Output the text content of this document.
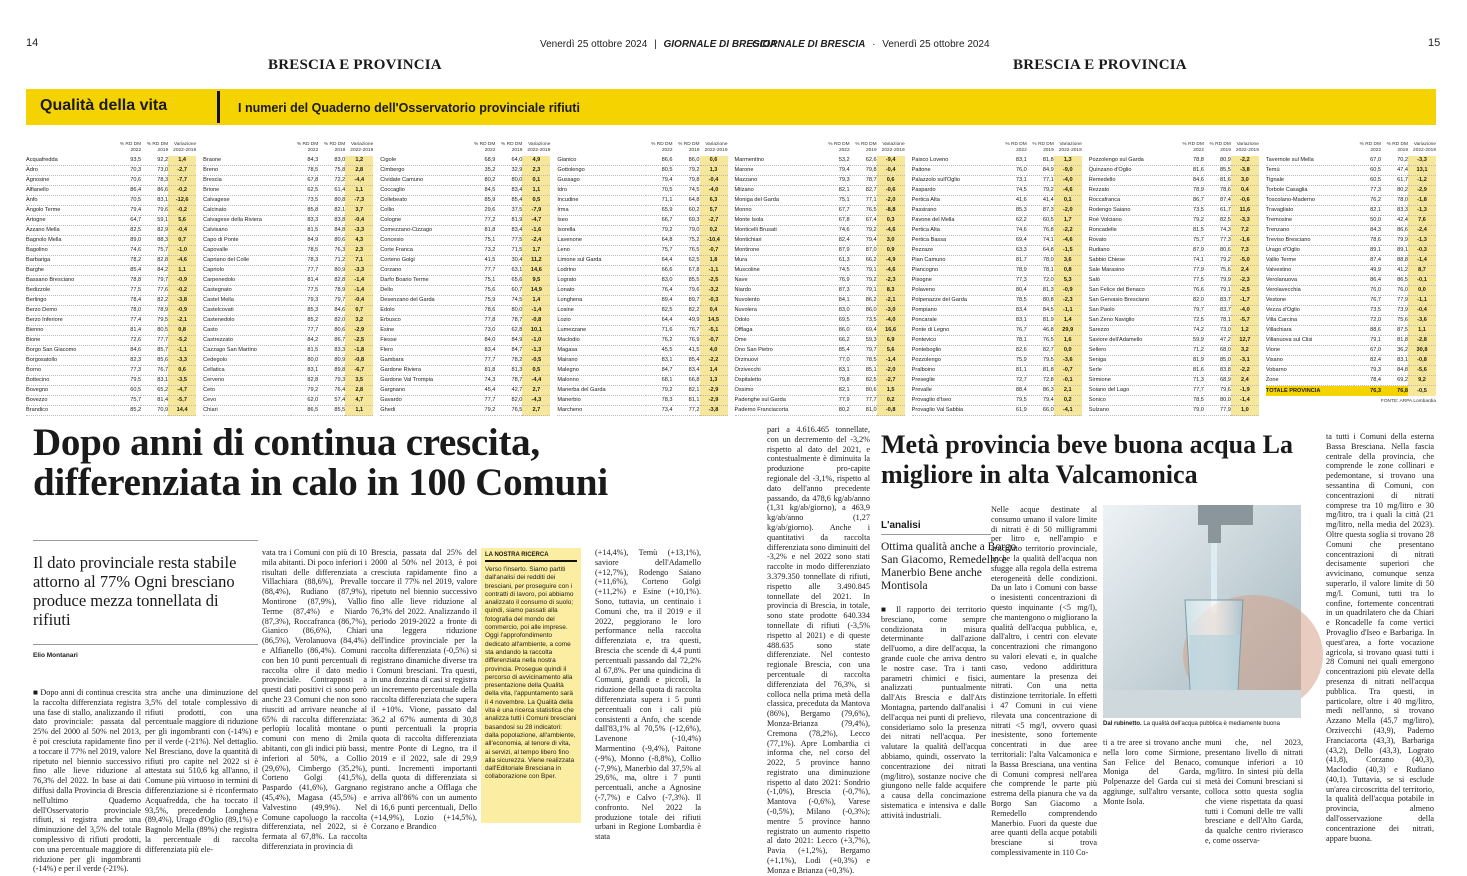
14	Venerdì 25 ottobre 2024 | GIORNALE DI BRESCIA
GIORNALE DI BRESCIA · Venerdì 25 ottobre 2024	15
BRESCIA E PROVINCIA	BRESCIA E PROVINCIA
Qualità della vita	I numeri del Quaderno dell'Osservatorio provinciale rifiuti
	% RD DM 2022	% RD DM 2019	Variazione 2022-2019
Acquafredda	93,5	92,2	1,4
Adro	70,3	73,0	-2,7
Agnosine	70,6	78,3	-7,7
Alfianello	86,4	86,6	-0,2
Anfo	70,5	83,1	-12,6
Angolo Terme	79,4	79,6	-0,2
Artogne	64,7	59,1	5,6
Azzano Mella	82,5	82,9	-0,4
Bagnolo Mella	89,0	88,3	0,7
Bagolino	74,6	75,7	-1,0
Barbariga	78,2	82,8	-4,6
Barghe	85,4	84,2	1,1
Bassano Bresciano	78,8	79,7	-0,9
Bedizzole	77,5	77,6	-0,2
Berlingo	78,4	82,2	-3,8
Berzo Demo	78,0	78,9	-0,9
Berzo Inferiore	77,4	79,5	-2,1
Bienno	81,4	80,5	0,8
Bione	72,6	77,7	-5,2
Borgo San Giacomo	84,6	85,7	-1,1
Borgosatollo	82,3	85,6	-3,3
Borno	77,3	76,7	0,6
Bottecino	79,5	83,1	-3,5
Bovegno	60,5	65,2	-4,7
Bovezzo	75,7	81,4	-5,7
Brandico	85,2	70,9	14,4
	% RD DM 2022	% RD DM 2019	Variazione 2022-2019
Braone	84,3	83,0	1,2
Breno	78,5	75,8	2,8
Brescia	67,8	72,2	-4,4
Brione	62,5	61,4	1,1
Calvagese	73,5	80,8	-7,3
Calcinato	85,8	82,1	3,7
Calvagese della Riviera	83,3	83,8	-0,4
Calvisano	81,5	84,8	-3,3
Capo di Ponte	84,9	80,6	4,3
Capovalle	78,5	76,3	2,3
Capriano del Colle	78,3	71,2	7,1
Capriolo	77,7	80,9	-3,3
Carpenedolo	81,4	82,8	-1,4
Castegnato	77,5	78,9	-1,4
Castel Mella	79,3	79,7	-0,4
Castelcovati	85,3	84,6	0,7
Castenedolo	85,2	82,0	3,2
Casto	77,7	80,6	-2,9
Castrezzato	84,2	86,7	-2,5
Cazzago San Martino	81,5	83,3	-1,8
Cedegolo	80,0	80,9	-0,8
Cellatica	83,1	89,8	-6,7
Cerveno	82,8	79,3	3,5
Ceto	79,2	76,4	2,8
Cevo	62,0	57,4	4,7
Chiari	86,5	85,5	1,1
	% RD DM 2022	% RD DM 2019	Variazione 2022-2019
Cigole	68,9	64,0	4,9
Cimbergo	35,2	32,9	2,3
Cividate Camuno	80,2	80,0	0,1
Coccaglio	84,5	83,4	1,1
Collebeato	85,9	85,4	0,5
Collio	29,6	37,5	-7,9
Cologne	77,2	81,9	-4,7
Comezzano-Cizzago	81,8	83,4	-1,6
Concesio	75,1	77,5	-2,4
Corte Franca	73,2	71,5	1,7
Corteno Golgi	41,5	30,4	11,2
Corzano	77,7	63,1	14,6
Darfo Boario Terme	75,1	65,6	9,5
Dello	75,6	60,7	14,9
Desenzano del Garda	75,9	74,5	1,4
Edolo	78,6	80,0	-1,4
Erbusco	77,8	78,7	-0,8
Esine	73,0	62,8	10,1
Fiesse	84,0	84,9	-1,0
Flero	83,4	84,7	-1,3
Gambara	77,7	78,2	-0,5
Gardone Riviera	81,8	81,3	0,5
Gardone Val Trompia	74,3	78,7	-4,4
Gargnano	45,4	42,7	2,7
Gavardo	77,7	82,0	-4,3
Ghedi	79,2	76,5	2,7
	% RD DM 2022	% RD DM 2019	Variazione 2022-2019
Gianico	86,6	86,0	0,6
Gottolengo	80,5	79,2	1,3
Gussago	79,4	79,8	-0,4
Idro	70,5	74,5	-4,0
Incudine	71,1	64,8	6,3
Irma	65,9	60,2	5,7
Iseo	66,7	69,3	-2,7
Isorella	79,2	79,0	0,2
Lavenone	64,8	75,2	-10,4
Leno	75,7	76,5	-0,7
Limone sul Garda	64,4	62,5	1,8
Lodrino	66,6	67,8	-1,1
Lograto	83,0	85,5	-2,5
Lonato	76,4	79,6	-3,2
Longhena	89,4	89,7	-0,3
Losine	82,5	82,2	0,4
Lozio	64,4	49,9	14,5
Lumezzane	71,6	76,7	-5,1
Maclodio	76,2	76,9	-0,7
Magasa	45,5	41,5	4,0
Mairano	83,1	85,4	-2,2
Malegno	84,7	83,4	1,4
Malonno	68,1	66,8	1,3
Manerba del Garda	79,2	82,1	-2,9
Manerbio	78,3	81,1	-2,9
Marcheno	73,4	77,2	-3,8
	% RD DM 2022	% RD DM 2019	Variazione 2022-2019
Marmentino	53,2	62,6	-9,4
Marone	79,4	79,8	-0,4
Mazzano	79,3	78,7	0,6
Milzano	82,1	82,7	-0,6
Moniga del Garda	75,1	77,1	-2,0
Monno	67,7	76,5	-8,8
Monte Isola	67,8	67,4	0,3
Monticelli Brusati	74,6	79,2	-4,6
Montichiari	82,4	79,4	3,0
Montirone	87,9	87,0	0,9
Mura	61,3	66,2	-4,9
Muscoline	74,5	79,1	-4,6
Nave	76,9	79,2	-2,3
Niardo	87,3	79,1	8,3
Nuvolento	84,1	86,2	-2,1
Nuvolera	83,0	86,0	-3,0
Odolo	69,5	73,5	-4,0
Offlaga	86,0	69,4	16,6
Ome	66,2	59,3	6,9
Ono San Pietro	85,4	79,7	5,6
Orzinuovi	77,0	78,5	-1,4
Orzivecchi	83,1	85,1	-2,0
Ospitaletto	79,8	82,5	-2,7
Ossimo	82,1	80,6	1,5
Padenghe sul Garda	77,9	77,7	0,2
Paderno Franciacorta	80,2	81,0	-0,8
	% RD DM 2022	% RD DM 2019	Variazione 2022-2019
Paisco Loveno	83,1	81,8	1,3
Paitone	76,0	84,9	-9,0
Palazzolo sull'Oglio	73,1	77,1	-4,0
Paspardo	74,5	79,2	-4,6
Pertica Alta	41,6	41,4	0,1
Passirano	85,3	87,3	-2,0
Pavone del Mella	62,2	60,5	1,7
Pertica Alta	74,6	76,8	-2,2
Pertica Bassa	69,4	74,1	-4,6
Pezzaze	63,3	64,8	-1,5
Pian Camuno	81,7	78,0	3,6
Piancogno	78,9	78,1	0,8
Pisogne	77,3	72,0	5,3
Polaveno	80,4	81,3	-0,9
Polpenazze del Garda	78,5	80,8	-2,3
Pompiano	83,4	84,5	-1,1
Poncarale	83,1	81,9	1,4
Ponte di Legno	76,7	46,8	29,9
Pontevico	78,1	76,5	1,6
Ponteboglio	82,6	82,7	0,0
Pozzolengo	75,9	79,5	-3,6
Pralboino	81,1	81,8	-0,7
Preseglie	72,7	72,8	-0,1
Prevalle	88,4	86,3	2,1
Provaglio d'Iseo	79,5	79,4	0,2
Provaglio Val Sabbia	61,9	66,0	-4,1
	% RD DM 2022	% RD DM 2019	Variazione 2022-2019
Pozzolengo sul Garda	78,8	80,9	-2,2
Quinzano d'Oglio	81,6	85,5	-3,8
Remedello	84,6	81,6	3,0
Rezzato	78,9	78,6	0,4
Roccafranca	86,7	87,4	-0,6
Rodengo Saiano	73,5	61,7	11,6
Roè Volciano	79,2	82,5	-3,3
Roncadelle	81,5	74,3	7,2
Rovato	75,7	77,3	-1,6
Rudiano	87,9	80,6	7,3
Sabbio Chiese	74,1	79,2	-5,0
Sale Marasino	77,9	75,6	2,4
Salò	77,5	79,9	-2,3
San Felice del Benaco	76,6	79,1	-2,5
San Gervasio Bresciano	82,0	83,7	-1,7
San Paolo	79,7	83,7	-4,0
San Zeno Naviglio	72,5	78,1	-5,7
Sarezzo	74,2	73,0	1,2
Saviore dell'Adamello	59,9	47,2	12,7
Sellero	71,2	68,0	3,2
Seniga	81,9	85,0	-3,1
Serle	81,6	83,8	-2,2
Sirmione	71,3	68,9	2,4
Soiano del Lago	77,7	79,6	-1,9
Sonico	78,5	80,0	-1,4
Sulzano	79,0	77,9	1,0
	% RD DM 2022	% RD DM 2019	Variazione 2022-2019
Tavernole sul Mella	67,0	70,2	-3,3
Temù	60,5	47,4	13,1
Tignale	60,5	61,7	-1,2
Torbole Casaglia	77,3	80,2	-2,9
Toscolano-Maderno	76,2	78,0	-1,8
Travagliato	82,1	83,3	-1,3
Tremosine	50,0	42,4	7,6
Trenzano	84,3	86,6	-2,4
Treviso Bresciano	78,6	79,9	-1,3
Urago d'Oglio	89,1	89,1	-0,3
Vallio Terme	87,4	88,8	-1,4
Valvestino	49,9	41,2	8,7
Verolanuova	86,4	86,5	-0,1
Verolavecchia	76,0	76,0	0,0
Vestone	76,7	77,9	-1,1
Vezza d'Oglio	73,5	73,9	-0,4
Villa Carcina	72,0	75,6	-3,6
Villachiara	88,6	87,5	1,1
Villanuova sul Clisi	79,1	81,8	-2,8
Vione	67,0	36,2	30,8
Visano	82,4	83,1	-0,8
Vobarno	79,3	84,8	-5,6
Zone	78,4	69,2	9,2
TOTALE PROVINCIA	76,3	76,8	-0,5
FONTE: ARPA Lombardia
Dopo anni di continua crescita, differenziata in calo in 100 Comuni
Il dato provinciale resta stabile attorno al 77% Ogni bresciano produce mezza tonnellata di rifiuti
Elio Montanari
■ Dopo anni di continua crescita la raccolta differenziata registra una fase di stallo, analizzando il dato provinciale: passata dal 25% del 2000 al 50% nel 2013, è poi cresciuta rapidamente fino a toccare il 77% nel 2019, valore ripetuto nel biennio successivo fino alle lieve riduzione al 76,3% del 2022. In base ai dati diffusi dalla Provincia di Brescia nell'ultimo Quaderno dell'Osservatorio provinciale rifiuti, si registra anche una diminuzione del 3,5% del totale complessivo di rifiuti prodotti, con una percentuale maggiore di riduzione per gli ingombranti (-14%) e per il verde (-21%).
stra anche una diminuzione del 3,5% del totale complessivo di rifiuti prodotti, con una percentuale maggiore di riduzione per gli ingombranti con (-14%) e per il verde (-21%). Nel dettaglio. Nel Bresciano, dove la quantità di rifiuti pro capite nel 2022 si è attestata sui 510,6 kg all'anno, il Comune più virtuoso in termini di differenziazione si è riconfermato Acquafredda, che ha toccato il 93,5%, precedendo Longhena (89,4%), Urago d'Oglio (89,1%) e Bagnolo Mella (89%) che registra la percentuale di raccolta differenziata più ele-
vata tra i Comuni con più di 10 mila abitanti. Di poco inferiori i risultati delle differenziata a Villachiara (88,6%), Prevalle (88,4%), Rudiano (87,9%), Montirone (87,9%), Vallio Terme (87,4%) e Niardo (87,3%), Roccafranca (86,7%), Gianico (86,6%), Chiari (86,5%), Verolanuova (84,4%) e Alfianello (86,4%). Comuni con ben 10 punti percentuali di raccolta oltre il dato medio provinciale. Contrapposti a questi dati positivi ci sono però anche 23 Comuni che non sono riusciti ad arrivare neanche al 65% di raccolta differenziata: perlopiù località montane o comuni con meno di 2mila abitanti, con gli indici più bassi, inferiori al 50%, a Collio (29,6%), Cimbergo (35,2%), Corteno Golgi (41,5%), Paspardo (41,6%), Gargnano (45,4%), Magasa (45,5%) e Valvestino (49,9%). Nel Comune capoluogo la raccolta differenziata, nel 2022, si è fermata al 67,8%. La raccolta differenziata in provincia di
Brescia, passata dal 25% del 2000 al 50% nel 2013, è poi cresciuta rapidamente fino a toccare il 77% nel 2019, valore ripetuto nel biennio successivo fino alle lieve riduzione al 76,3% del 2022. Analizzando il periodo 2019-2022 a fronte di una leggera riduzione dell'indice provinciale per la raccolta differenziata (-0,5%) si registrano dinamiche diverse tra i Comuni bresciani. Tra questi, in una dozzina di casi si registra un incremento percentuale della raccolta differenziata che supera il +10%. Vione, passato dal 36,2 al 67% aumenta di 30,8 punti percentuali la propria quota di raccolta differenziata mentre Ponte di Legno, tra il 2019 e il 2022, sale di 29,9 punti. Incrementi importanti della quota di differenziata si registrano anche a Offlaga che arriva all'86% con un aumento di 16,6 punti percentuali, Dello (+14,9%), Lozio (+14,5%), Corzano e Brandico
LA NOSTRA RICERCA
Verso l'inserto. Siamo partiti dall'analisi dei redditi dei bresciani, per proseguire con i contratti di lavoro, poi abbiamo analizzato il consumo di suolo; quindi, siamo passati alla fotografia del mondo del commercio, poi alle imprese. Oggi l'approfondimento dedicato all'ambiente, a come sta andando la raccolta differenziata nella nostra provincia. Prosegue quindi il percorso di avvicinamento alla presentazione della Qualità della vita, l'appuntamento sarà il 4 novembre. La Qualità della vita è una ricerca statistica che analizza tutti i Comuni bresciani basandosi su 28 indicatori: dalla popolazione, all'ambiente, all'economia, al tenore di vita, ai servizi, al tempo libero fino alla sicurezza. Viene realizzata dall'Editoriale Bresciana in collaborazione con Bper.
(+14,4%), Temù (+13,1%), saviore dell'Adamello (+12,7%), Rodengo Saiano (+11,6%), Corteno Golgi (+11,2%) e Esine (+10,1%). Sono, tuttavia, un centinaio i Comuni che, tra il 2019 e il 2022, peggiorano le loro performance nella raccolta differenziata e, tra questi, Brescia che scende di 4,4 punti percentuali passando dal 72,2% al 67,8%. Per una quindicina di Comuni, grandi e piccoli, la riduzione della quota di raccolta differenziata supera i 5 punti percentuali con i cali più consistenti a Anfo, che scende dall'83,1% al 70,5% (-12,6%), Lavenone (-10,4%) Marmentino (-9,4%), Paitone (-9%), Monno (-8,8%), Collio (-7,9%), Manerbio dal 37,5% al 29,6%, ma, oltre i 7 punti percentuali, anche a Agnosine (-7,7%) e Calvo (-7,3%). Il confronto. Nel 2022 la produzione totale dei rifiuti urbani in Regione Lombardia è stata
pari a 4.616.465 tonnellate, con un decremento del -3,2% rispetto al dato del 2021, e contestualmente è diminuita la produzione pro-capite regionale del -3,1%, rispetto al dato dell'anno precedente passando, da 478,6 kg/ab/anno (1,31 kg/ab/giorno), a 463,9 kg/ab/anno (1,27 kg/ab/giorno). Anche i quantitativi da raccolta differenziata sono diminuiti del -3,2% e nel 2022 sono stati raccolte in modo differenziato 3.379.350 tonnellate di rifiuti, rispetto alle 3.490.845 tonnellate del 2021. In provincia di Brescia, in totale, sono state prodotte 640.334 tonnellate di rifiuti (-3,5% rispetto al 2021) e di queste 488.635 sono state differenziate. Nel contesto regionale Brescia, con una percentuale di raccolta differenziata del 76,3%, si colloca nella prima metà della classica, preceduta da Mantova (86%), Bergamo (79,6%), Monza-Brianza (79,4%), Cremona (78,2%), Lecco (77,1%). Apre Lombardia ci informa che, nel corso del 2022, 5 province hanno registrato una diminuzione rispetto al dato 2021: Sondrio (-1,0%), Brescia (-0,7%), Mantova (-0,6%), Varese (-0,5%), Milano (-0,3%); mentre 5 province hanno registrato un aumento rispetto al dato 2021: Lecco (+3,7%), Pavia (+1,2%), Bergamo (+1,1%), Lodi (+0,3%) e Monza e Brianza (+0,3%).
Metà provincia beve buona acqua La migliore in alta Valcamonica
L'analisi
Ottima qualità anche a Borgo San Giacomo, Remedello e Manerbio Bene anche Montisola
■ Il rapporto dei territorio bresciano, come sempre condizionata in misura determinante dall'azione dell'uomo, a dire dell'acqua, la grande cuole che arriva dentro le nostre case. Tra i tanti parametri chimici e fisici, analizzati puntualmente dall'Ats Brescia e dall'Ats Montagna, partendo dall'analisi dell'acqua nei punti di prelievo, consideriamo solo la presenza dei nitrati nell'acqua. Per valutare la qualità dell'acqua abbiamo, quindi, osservato la concentrazione dei nitrati (mg/litro), sostanze nocive che giungono nelle falde acquifere a causa della concimazione sistematica e intensiva e dalle attività industriali.
Nelle acque destinate al consumo umano il valore limite di nitrati è di 50 milligrammi per litro e, nell'ampio e articolato territorio provinciale, anche la qualità dell'acqua non sfugge alla regola della estrema eterogeneità delle condizioni. Da un lato i Comuni con basse o inesistenti concentrazioni di questo inquinante (<5 mg/l), che mantengono o migliorano la qualità dell'acqua pubblica, e, dall'altro, i centri con elevate concentrazioni che rimangono su valori elevati e, in qualche caso, vedono addirittura aumentare la presenza dei nitrati. Con una netta distinzione territoriale. In effetti i 47 Comuni in cui viene rilevata una concentrazione di nitrati <5 mg/l, ovvero quasi inesistente, sono fortemente concentrati in due aree territoriali: l'alta Valcamonica e la Bassa Bresciana, una ventina di Comuni compresi nell'area che comprende le parte più estrema della pianura che va da Borgo San Giacomo a Remedello comprendendo Manerbio. Fuori da queste due aree quanti della acque potabili bresciane si trova complessivamente in 110 Co-
Dal rubinetto. La qualità dell'acqua pubblica è mediamente buona
ti a tre aree si trovano anche nella loro come Sirmione, San Felice del Benaco, Moniga del Garda, Polpenazze del Garda cui si aggiunge, sull'altro versante, Monte Isola.
muni che, nel 2023, presentano livello di nitrati comunque inferiori a 10 mg/litro. In sintesi più della metà dei Comuni bresciani si colloca sotto questa soglia che viene rispettata da quasi tutti i Comuni delle tre valli bresciane e dell'Alto Garda, da qualche centro rivierasco e, come osserva-
ta tutti i Comuni della esterna Bassa Bresciana. Nella fascia centrale della provincia, che comprende le zone collinari e pedemontane, si trovano una sessantina di Comuni, con concentrazioni di nitrati comprese tra 10 mg/litro e 30 mg/litro, tra i quali la città (21 mg/litro, nella media del 2023). Oltre questa soglia si trovano 28 Comuni che presentano concentrazioni di nitrati decisamente superiori che avvicinano, comunque senza superarlo, il valore limite di 50 mg/l. Comuni, tutti tra lo confine, fortemente concentrati in un quadrilatero che da Chiari e Roncadelle fa come vertici Provaglio d'Iseo e Barbariga. In quest'area, a forte vocazione agricola, si trovano quasi tutti i 28 Comuni nei quali emergono concentrazioni più elevate della presenza di nitrati nell'acqua pubblica. Tra questi, in particolare, oltre i 40 mg/litro, medi nell'anno, si trovano Azzano Mella (45,7 mg/litro), Orzivecchi (43,9), Paderno Franciacorta (43,3), Barbariga (43,2), Dello (43,3), Lograto (41,8), Corzano (40,3), Maclodio (40,3) e Rudiano (40,1). Tuttavia, se si esclude un'area circoscritta del territorio, la qualità dell'acqua potabile in provincia, almeno dall'osservazione della concentrazione dei nitrati, appare buona.
